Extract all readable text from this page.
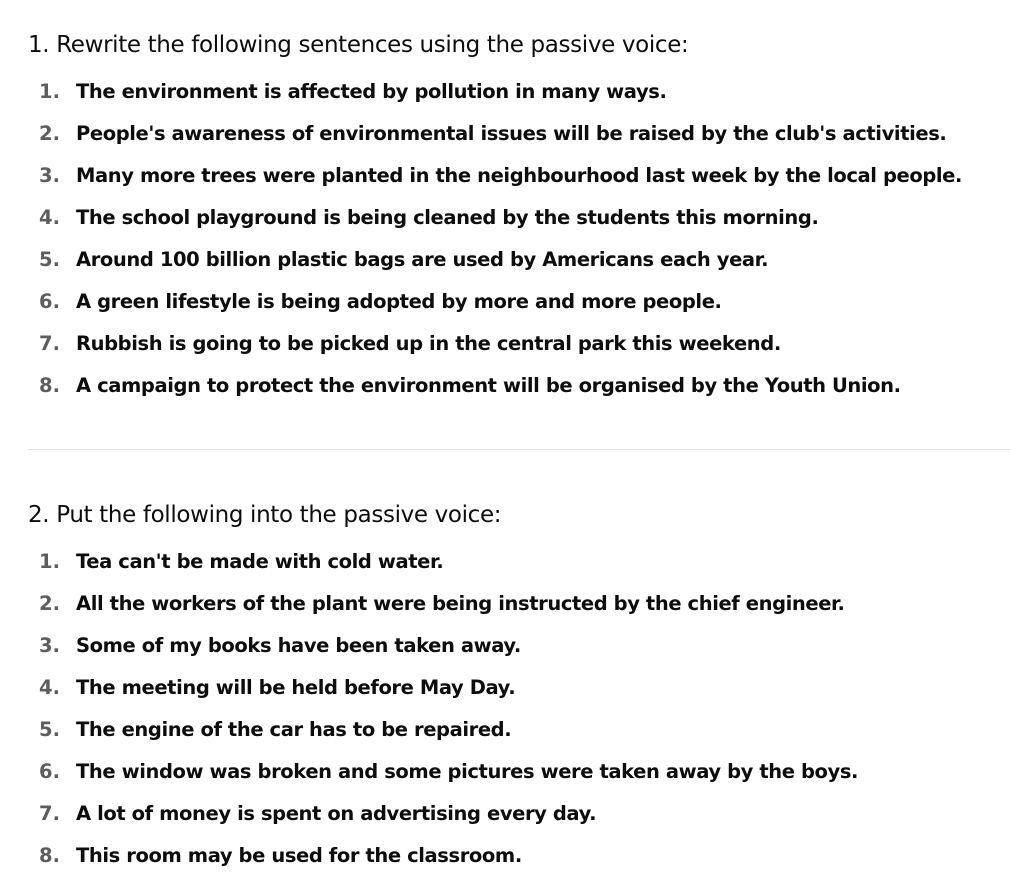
1. Rewrite the following sentences using the passive voice:
1. The environment is affected by pollution in many ways.
2. People's awareness of environmental issues will be raised by the club's activities.
3. Many more trees were planted in the neighbourhood last week by the local people.
4. The school playground is being cleaned by the students this morning.
5. Around 100 billion plastic bags are used by Americans each year.
6. A green lifestyle is being adopted by more and more people.
7. Rubbish is going to be picked up in the central park this weekend.
8. A campaign to protect the environment will be organised by the Youth Union.
2. Put the following into the passive voice:
1. Tea can't be made with cold water.
2. All the workers of the plant were being instructed by the chief engineer.
3. Some of my books have been taken away.
4. The meeting will be held before May Day.
5. The engine of the car has to be repaired.
6. The window was broken and some pictures were taken away by the boys.
7. A lot of money is spent on advertising every day.
8. This room may be used for the classroom.
